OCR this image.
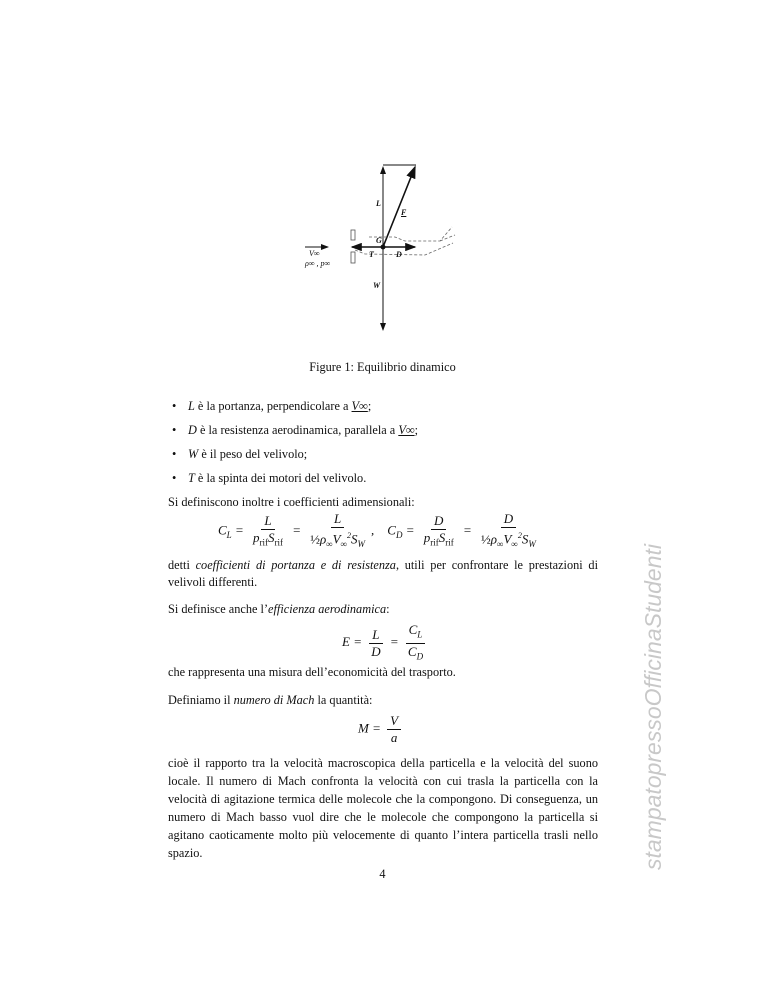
L
F
G
T	D
W
V∞
ρ∞ , p∞
Figure 1: Equilibrio dinamico
• L è la portanza, perpendicolare a V∞;
• D è la resistenza aerodinamica, parallela a V∞;
• W è il peso del velivolo;
• T è la spinta dei motori del velivolo.
Si definiscono inoltre i coefficienti adimensionali:
$C_L = \frac{L}{p_{rif}S_{rif}} = \frac{L}{\frac{1}{2}\rho_\infty V_\infty^2S_W}$ ,    $C_D = \frac{D}{p_{rif}S_{rif}} = \frac{D}{\frac{1}{2}\rho_\infty V_\infty^2S_W}$
detti coefficienti di portanza e di resistenza, utili per confrontare le prestazioni di velivoli differenti.
Si definisce anche l’efficienza aerodinamica:
$E = \frac{L}{D} = \frac{C_L}{C_D}$
che rappresenta una misura dell’economicità del trasporto.
Definiamo il numero di Mach la quantità:
$M = \frac{V}{a}$
cioè il rapporto tra la velocità macroscopica della particella e la velocità del suono locale. Il numero di Mach confronta la velocità con cui trasla la particella con la velocità di agitazione termica delle molecole che la compongono. Di conseguenza, un numero di Mach basso vuol dire che le molecole che compongono la particella si agitano caoticamente molto più velocemente di quanto l’intera particella trasli nello spazio.
4
stampatopressoOfficinaStudenti
